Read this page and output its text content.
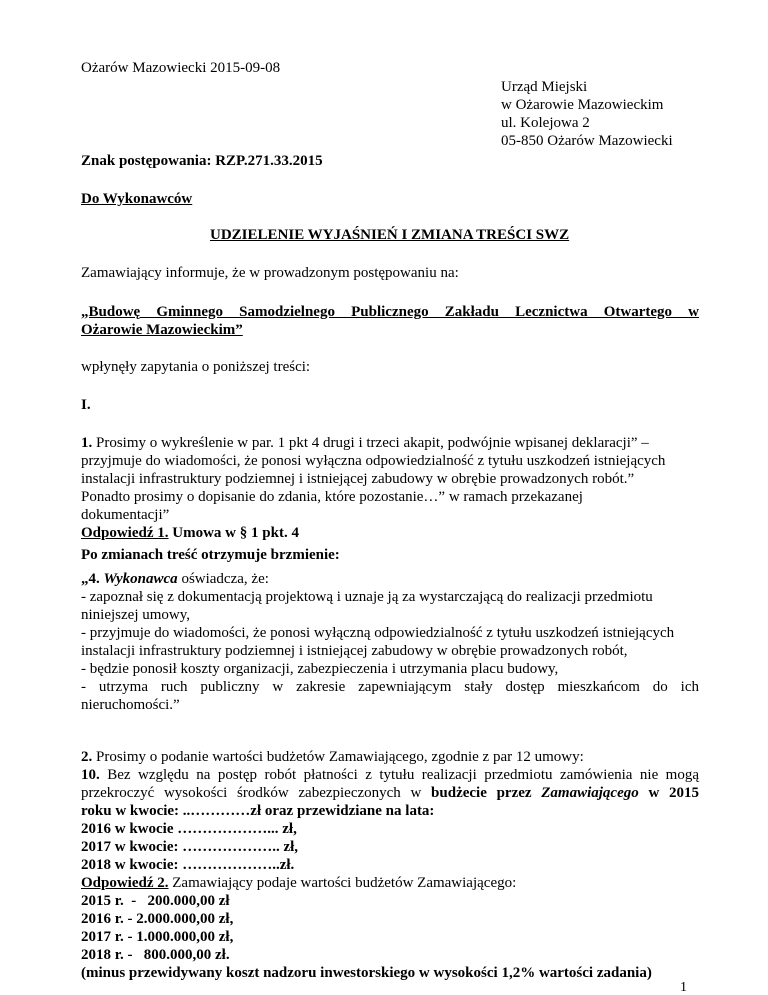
Ożarów Mazowiecki 2015-09-08
Urząd Miejski
w Ożarowie Mazowieckim
ul. Kolejowa 2
05-850 Ożarów Mazowiecki
Znak postępowania: RZP.271.33.2015
Do Wykonawców
UDZIELENIE WYJAŚNIEŃ I ZMIANA TREŚCI SWZ
Zamawiający informuje, że w prowadzonym postępowaniu na:
„Budowę Gminnego Samodzielnego Publicznego Zakładu Lecznictwa Otwartego w
Ożarowie Mazowieckim”
wpłynęły zapytania o poniższej treści:
I.
1. Prosimy o wykreślenie w par. 1 pkt 4 drugi i trzeci akapit, podwójnie wpisanej deklaracji” –
przyjmuje do wiadomości, że ponosi wyłączna odpowiedzialność z tytułu uszkodzeń istniejących
instalacji infrastruktury podziemnej i istniejącej zabudowy w obrębie prowadzonych robót.”
Ponadto prosimy o dopisanie do zdania, które pozostanie…” w ramach przekazanej
dokumentacji”
Odpowiedź 1. Umowa w § 1 pkt. 4
Po zmianach treść otrzymuje brzmienie:
„4. Wykonawca oświadcza, że:
- zapoznał się z dokumentacją projektową i uznaje ją za wystarczającą do realizacji przedmiotu
niniejszej umowy,
- przyjmuje do wiadomości, że ponosi wyłączną odpowiedzialność z tytułu uszkodzeń istniejących
instalacji infrastruktury podziemnej i istniejącej zabudowy w obrębie prowadzonych robót,
- będzie ponosił koszty organizacji, zabezpieczenia i utrzymania placu budowy,
- utrzyma ruch publiczny w zakresie zapewniającym stały dostęp mieszkańcom do ich
nieruchomości.”
2. Prosimy o podanie wartości budżetów Zamawiającego, zgodnie z par 12 umowy:
10. Bez względu na postęp robót płatności z tytułu realizacji przedmiotu zamówienia nie mogą
przekroczyć wysokości środków zabezpieczonych w budżecie przez Zamawiającego w 2015
roku w kwocie: ..…………zł oraz przewidziane na lata:
2016 w kwocie ………………... zł,
2017 w kwocie: ……………….. zł,
2018 w kwocie: ………………..zł.
Odpowiedź 2. Zamawiający podaje wartości budżetów Zamawiającego:
2015 r.  -   200.000,00 zł
2016 r. - 2.000.000,00 zł,
2017 r. - 1.000.000,00 zł,
2018 r. -   800.000,00 zł.
(minus przewidywany koszt nadzoru inwestorskiego w wysokości 1,2% wartości zadania)
1
